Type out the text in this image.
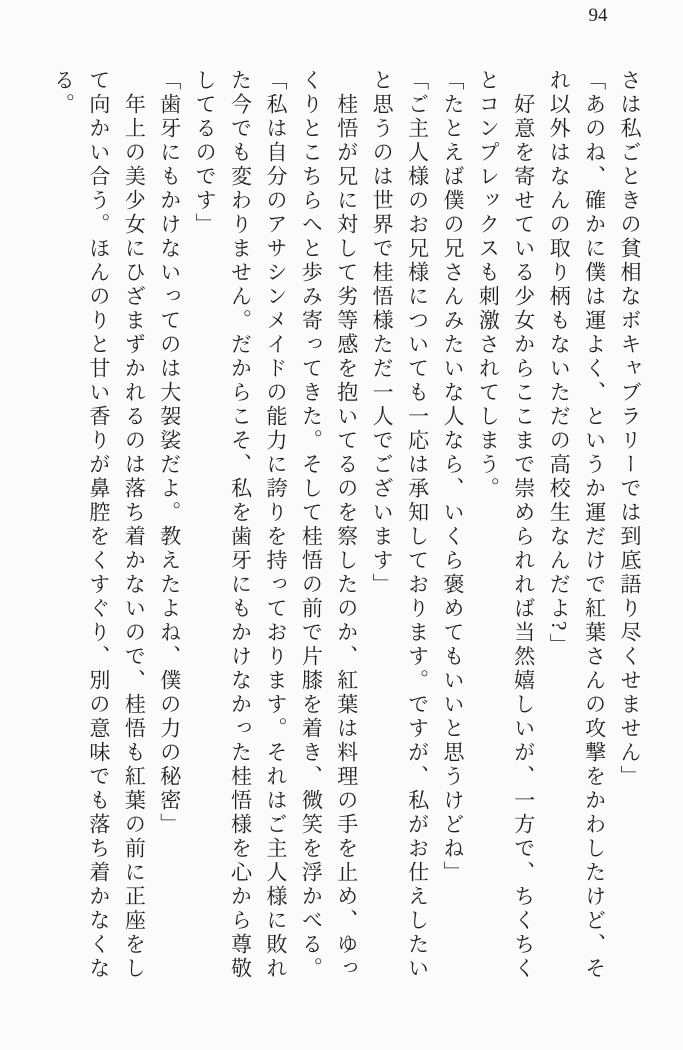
94

さは私ごときの貧相なボキャブラリーでは到底語り尽くせません」

「あのね、確かに僕は運よく、というか運だけで紅葉さんの攻撃をかわしたけど、そ

れ以外はなんの取り柄もないただの高校生なんだよ?」

　好意を寄せている少女からここまで崇められれば当然嬉しいが、一方で、ちくちく

とコンプレックスも刺激されてしまう。

「たとえば僕の兄さんみたいな人なら、いくら褒めてもいいと思うけどね」

「ご主人様のお兄様についても一応は承知しております。ですが、私がお仕えしたい

と思うのは世界で桂悟様ただ一人でございます」

　桂悟が兄に対して劣等感を抱いてるのを察したのか、紅葉は料理の手を止め、ゆっ

くりとこちらへと歩み寄ってきた。そして桂悟の前で片膝を着き、微笑を浮かべる。

「私は自分のアサシンメイドの能力に誇りを持っております。それはご主人様に敗れ

た今でも変わりません。だからこそ、私を歯牙にもかけなかった桂悟様を心から尊敬

してるのです」

「歯牙にもかけないってのは大袈裟だよ。教えたよね、僕の力の秘密」

　年上の美少女にひざまずかれるのは落ち着かないので、桂悟も紅葉の前に正座をし

て向かい合う。ほんのりと甘い香りが鼻腔をくすぐり、別の意味でも落ち着かなくな

る。
